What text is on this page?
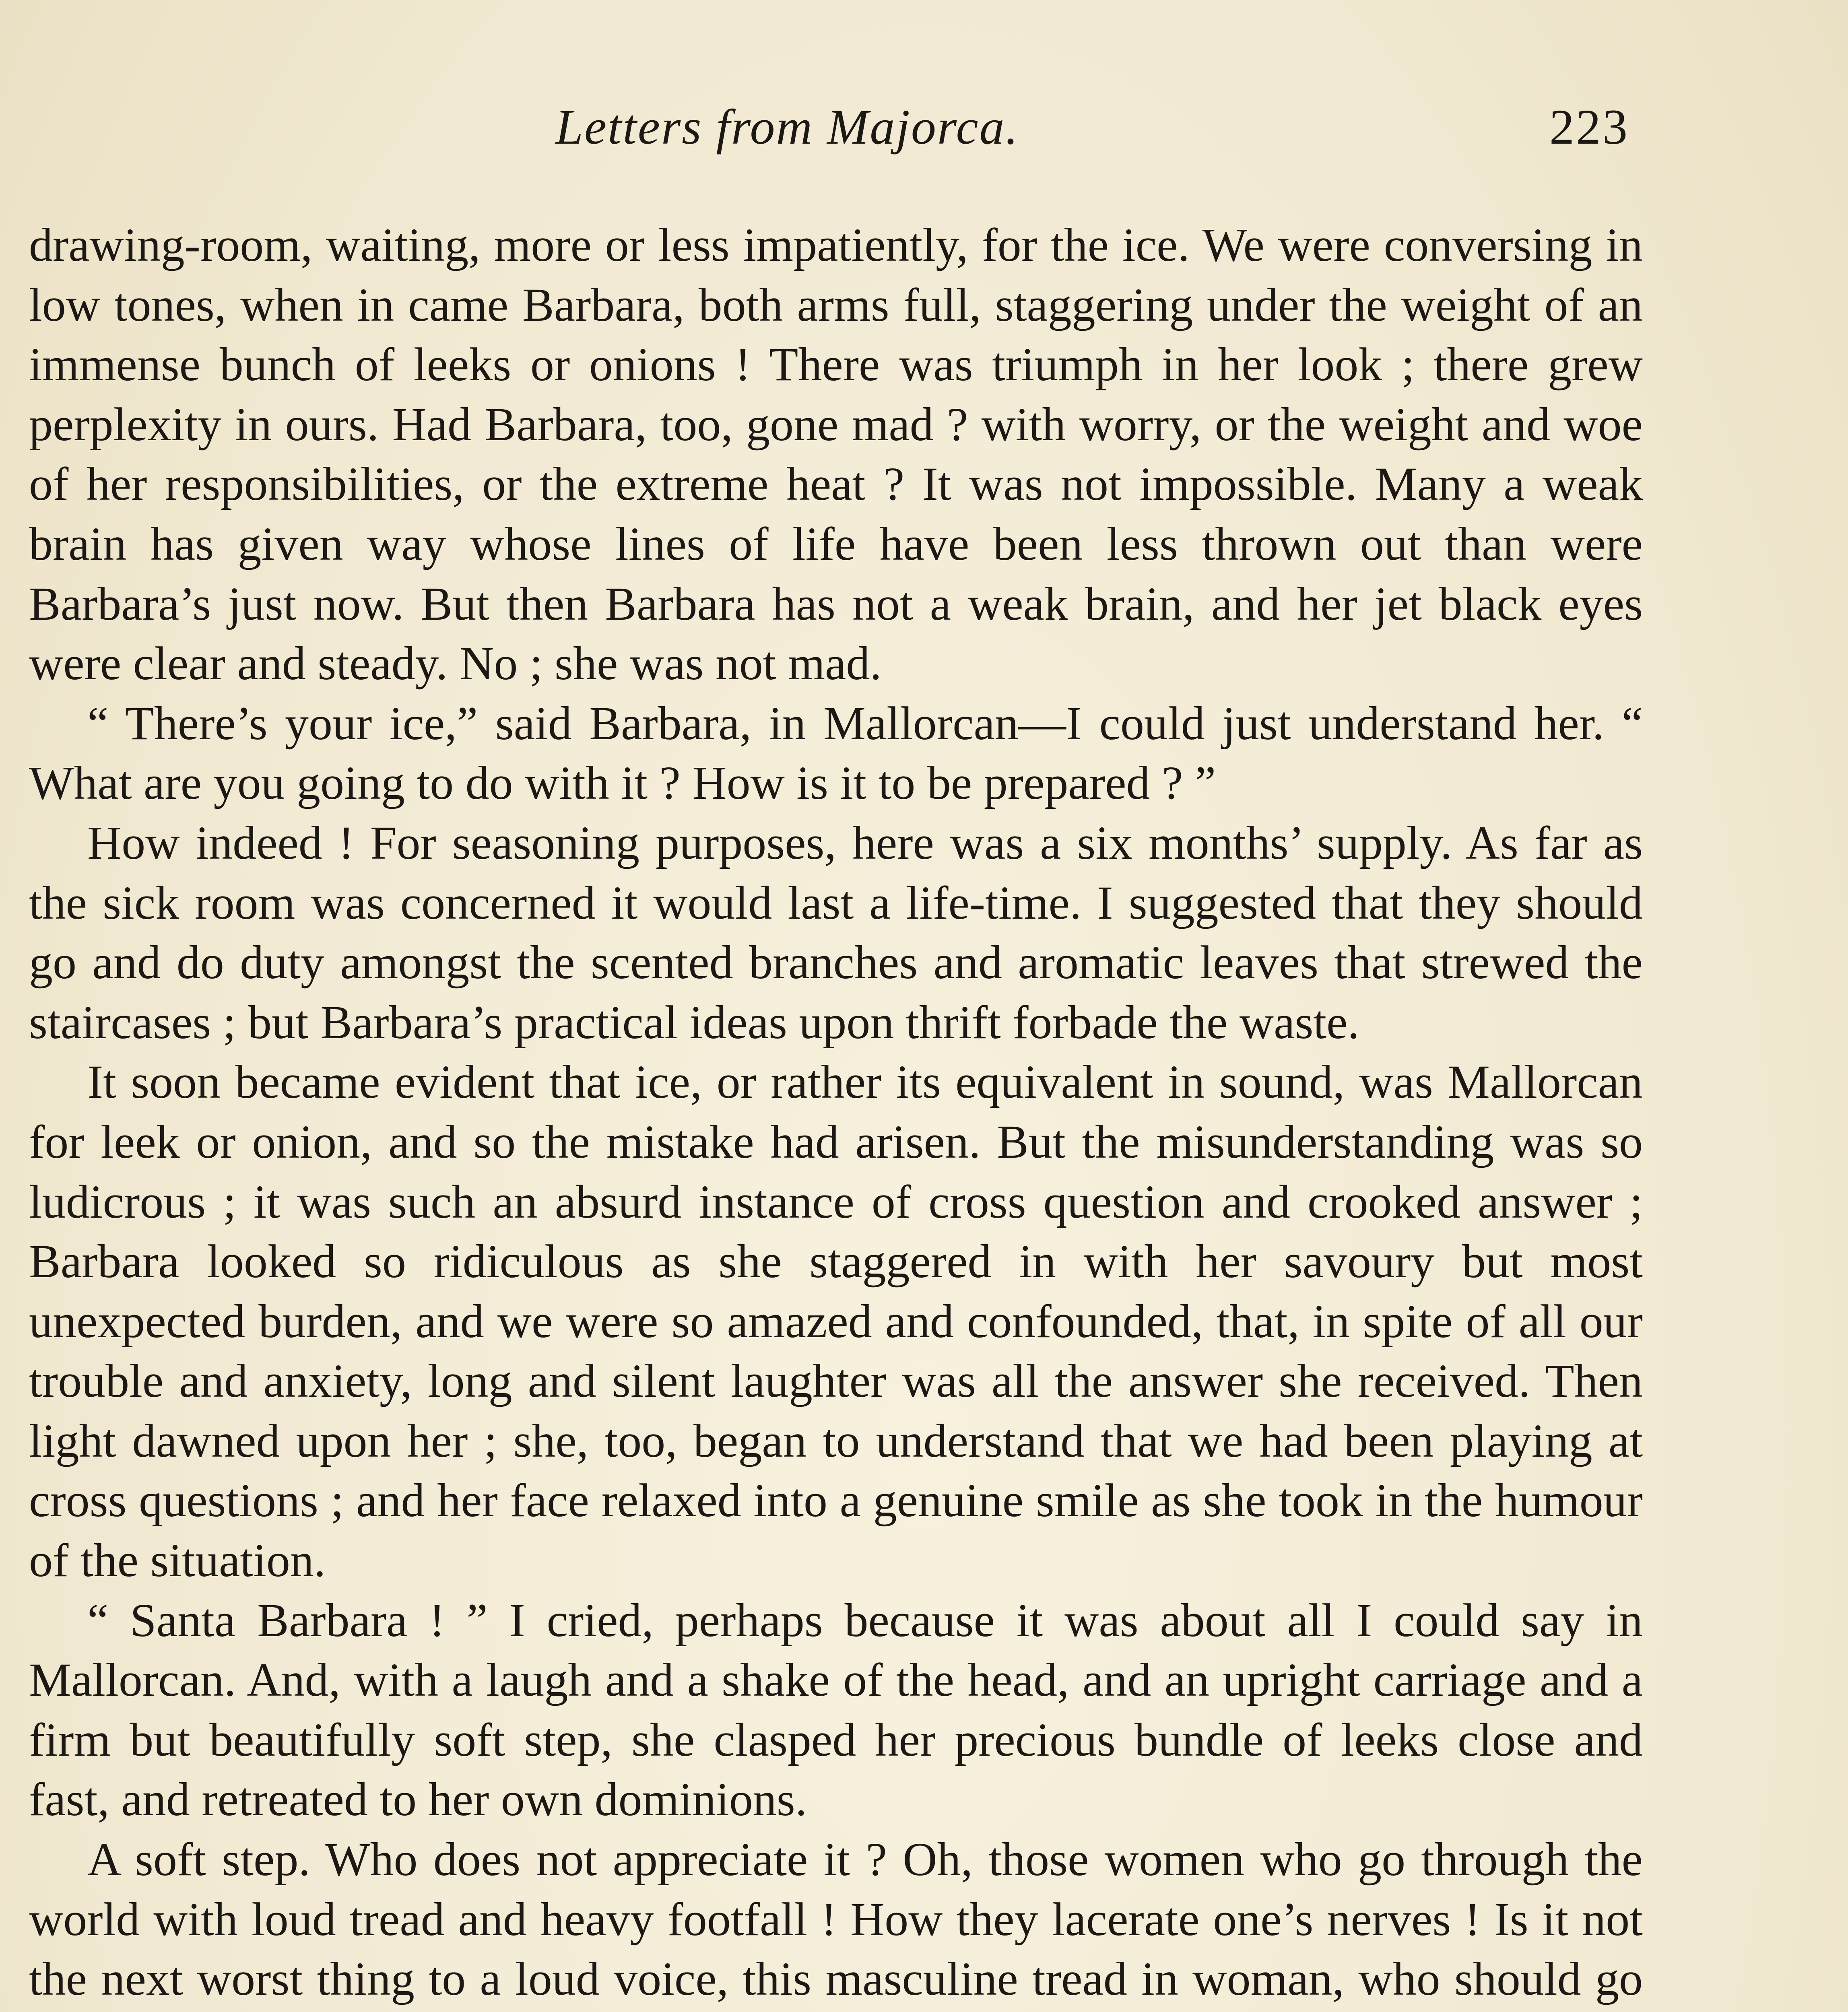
Letters from Majorca.	223

drawing-room, waiting, more or less impatiently, for the ice. We were conversing in low tones, when in came Barbara, both arms full, staggering under the weight of an immense bunch of leeks or onions ! There was triumph in her look ; there grew perplexity in ours. Had Barbara, too, gone mad ? with worry, or the weight and woe of her responsibilities, or the extreme heat ? It was not impossible. Many a weak brain has given way whose lines of life have been less thrown out than were Barbara’s just now. But then Barbara has not a weak brain, and her jet black eyes were clear and steady. No ; she was not mad.

“ There’s your ice,” said Barbara, in Mallorcan—I could just understand her. “ What are you going to do with it ? How is it to be prepared ? ”

How indeed ! For seasoning purposes, here was a six months’ supply. As far as the sick room was concerned it would last a life-time. I suggested that they should go and do duty amongst the scented branches and aromatic leaves that strewed the staircases ; but Barbara’s practical ideas upon thrift forbade the waste.

It soon became evident that ice, or rather its equivalent in sound, was Mallorcan for leek or onion, and so the mistake had arisen. But the misunderstanding was so ludicrous ; it was such an absurd instance of cross question and crooked answer ; Barbara looked so ridiculous as she staggered in with her savoury but most unexpected burden, and we were so amazed and confounded, that, in spite of all our trouble and anxiety, long and silent laughter was all the answer she received. Then light dawned upon her ; she, too, began to understand that we had been playing at cross questions ; and her face relaxed into a genuine smile as she took in the humour of the situation.

“ Santa Barbara ! ” I cried, perhaps because it was about all I could say in Mallorcan. And, with a laugh and a shake of the head, and an upright carriage and a firm but beautifully soft step, she clasped her precious bundle of leeks close and fast, and retreated to her own dominions.

A soft step. Who does not appreciate it ? Oh, those women who go through the world with loud tread and heavy footfall ! How they lacerate one’s nerves ! Is it not the next worst thing to a loud voice, this masculine tread in woman, who should go
